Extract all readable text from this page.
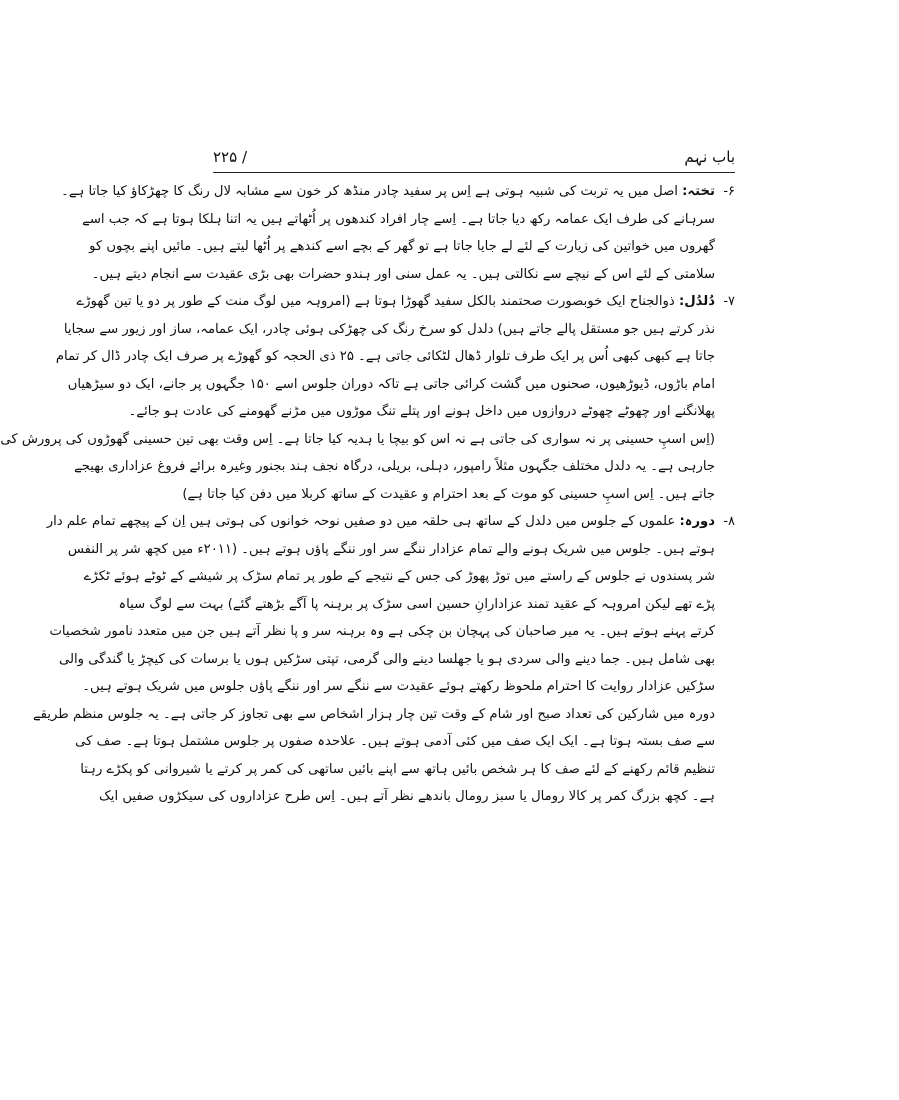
باب نہم
۲۲۵ /
۶-
تختہ: اصل میں یہ تربت کی شبیہ ہوتی ہے اِس پر سفید چادر منڈھ کر خون سے مشابہ لال رنگ کا چھڑکاؤ کیا جاتا ہے۔
سرہانے کی طرف ایک عمامہ رکھ دیا جاتا ہے۔ اِسے چار افراد کندھوں پر اُٹھاتے ہیں یہ اتنا ہلکا ہوتا ہے کہ جب اسے
گھروں میں خواتین کی زیارت کے لئے لے جایا جاتا ہے تو گھر کے بچے اسے کندھے پر اُٹھا لیتے ہیں۔ مائیں اپنے بچوں کو
سلامتی کے لئے اس کے نیچے سے نکالتی ہیں۔ یہ عمل سنی اور ہندو حضرات بھی بڑی عقیدت سے انجام دیتے ہیں۔
۷-
دُلدُل: ذوالجناح ایک خوبصورت صحتمند بالکل سفید گھوڑا ہوتا ہے (امروہہ میں لوگ منت کے طور پر دو یا تین گھوڑے
نذر کرتے ہیں جو مستقل پالے جاتے ہیں) دلدل کو سرخ رنگ کی چھڑکی ہوئی چادر، ایک عمامہ، ساز اور زیور سے سجایا
جاتا ہے کبھی کبھی اُس پر ایک طرف تلوار ڈھال لٹکائی جاتی ہے۔ ۲۵ ذی الحجہ کو گھوڑے پر صرف ایک چادر ڈال کر تمام
امام باڑوں، ڈیوڑھیوں، صحنوں میں گشت کرائی جاتی ہے تاکہ دوران جلوس اسے ۱۵۰ جگہوں پر جانے، ایک دو سیڑھیاں
پھلانگنے اور چھوٹے چھوٹے دروازوں میں داخل ہونے اور پتلے تنگ موڑوں میں مڑنے گھومنے کی عادت ہو جائے۔
(اِس اسپِ حسینی پر نہ سواری کی جاتی ہے نہ اس کو بیچا یا ہدیہ کیا جاتا ہے۔ اِس وقت بھی تین حسینی گھوڑوں کی پرورش کی
جارہی ہے۔ یہ دلدل مختلف جگہوں مثلاً رامپور، دہلی، بریلی، درگاہ نجف ہند بجنور وغیرہ برائے فروغ عزاداری بھیجے
جاتے ہیں۔ اِس اسپِ حسینی کو موت کے بعد احترام و عقیدت کے ساتھ کربلا میں دفن کیا جاتا ہے)
۸-
دورہ: علموں کے جلوس میں دلدل کے ساتھ ہی حلقہ میں دو صفیں نوحہ خوانوں کی ہوتی ہیں اِن کے پیچھے تمام علم دار
ہوتے ہیں۔ جلوس میں شریک ہونے والے تمام عزادار ننگے سر اور ننگے پاؤں ہوتے ہیں۔ (۲۰۱۱ء میں کچھ شر پر النفس
شر پسندوں نے جلوس کے راستے میں توڑ پھوڑ کی جس کے نتیجے کے طور پر تمام سڑک پر شیشے کے ٹوٹے ہوئے ٹکڑے
پڑے تھے لیکن امروہہ کے عقید تمند عزادارانِ حسین اسی سڑک پر برہنہ پا آگے بڑھتے گئے) بہت سے لوگ سیاہ
کرتے پہنے ہوتے ہیں۔ یہ میر صاحبان کی پہچان بن چکی ہے وہ برہنہ سر و پا نظر آتے ہیں جن میں متعدد نامور شخصیات
بھی شامل ہیں۔ جما دینے والی سردی ہو یا جھلسا دینے والی گرمی، تپتی سڑکیں ہوں یا برسات کی کیچڑ یا گندگی والی
سڑکیں عزادار روایت کا احترام ملحوظ رکھتے ہوئے عقیدت سے ننگے سر اور ننگے پاؤں جلوس میں شریک ہوتے ہیں۔
دورہ میں شارکین کی تعداد صبح اور شام کے وقت تین چار ہزار اشخاص سے بھی تجاوز کر جاتی ہے۔ یہ جلوس منظم طریقے
سے صف بستہ ہوتا ہے۔ ایک ایک صف میں کئی آدمی ہوتے ہیں۔ علاحدہ صفوں پر جلوس مشتمل ہوتا ہے۔ صف کی
تنظیم قائم رکھنے کے لئے صف کا ہر شخص بائیں ہاتھ سے اپنے بائیں ساتھی کی کمر پر کرتے یا شیروانی کو پکڑے رہتا
ہے۔ کچھ بزرگ کمر پر کالا رومال یا سبز رومال باندھے نظر آتے ہیں۔ اِس طرح عزاداروں کی سیکڑوں صفیں ایک
